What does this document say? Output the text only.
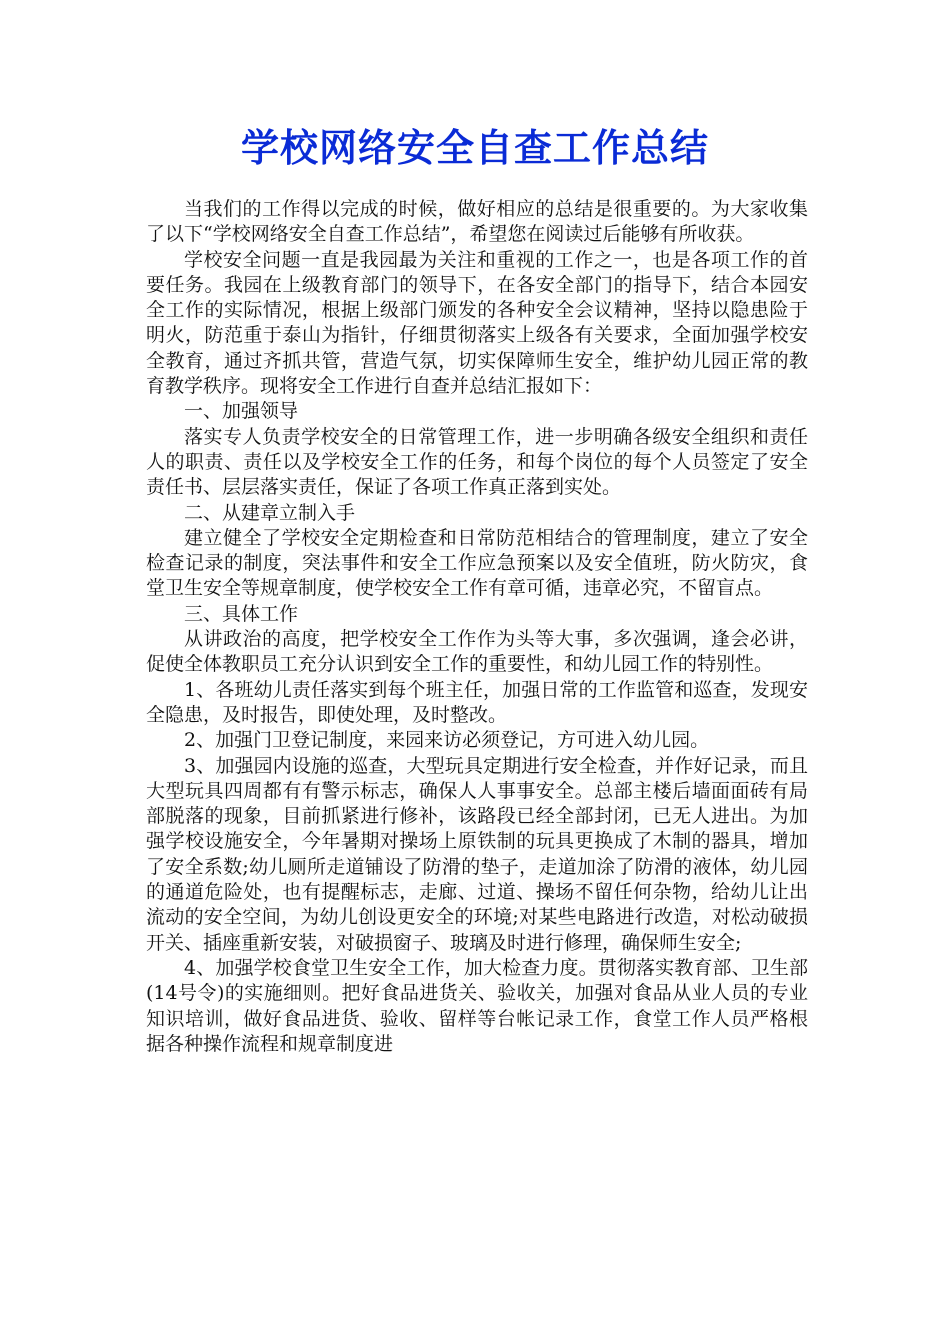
学校网络安全自查工作总结

当我们的工作得以完成的时候，做好相应的总结是很重要的。为大家收集了以下“学校网络安全自查工作总结”，希望您在阅读过后能够有所收获。

学校安全问题一直是我园最为关注和重视的工作之一，也是各项工作的首要任务。我园在上级教育部门的领导下，在各安全部门的指导下，结合本园安全工作的实际情况，根据上级部门颁发的各种安全会议精神，坚持以隐患险于明火，防范重于泰山为指针，仔细贯彻落实上级各有关要求，全面加强学校安全教育，通过齐抓共管，营造气氛，切实保障师生安全，维护幼儿园正常的教育教学秩序。现将安全工作进行自查并总结汇报如下：

一、加强领导

落实专人负责学校安全的日常管理工作，进一步明确各级安全组织和责任人的职责、责任以及学校安全工作的任务，和每个岗位的每个人员签定了安全责任书、层层落实责任，保证了各项工作真正落到实处。

二、从建章立制入手

建立健全了学校安全定期检查和日常防范相结合的管理制度，建立了安全检查记录的制度，突法事件和安全工作应急预案以及安全值班，防火防灾，食堂卫生安全等规章制度，使学校安全工作有章可循，违章必究，不留盲点。

三、具体工作

从讲政治的高度，把学校安全工作作为头等大事，多次强调，逢会必讲，促使全体教职员工充分认识到安全工作的重要性，和幼儿园工作的特别性。

1、各班幼儿责任落实到每个班主任，加强日常的工作监管和巡查，发现安全隐患，及时报告，即使处理，及时整改。

2、加强门卫登记制度，来园来访必须登记，方可进入幼儿园。

3、加强园内设施的巡查，大型玩具定期进行安全检查，并作好记录，而且大型玩具四周都有有警示标志，确保人人事事安全。总部主楼后墙面面砖有局部脱落的现象，目前抓紧进行修补，该路段已经全部封闭，已无人进出。为加强学校设施安全，今年暑期对操场上原铁制的玩具更换成了木制的器具，增加了安全系数;幼儿厕所走道铺设了防滑的垫子，走道加涂了防滑的液体，幼儿园的通道危险处，也有提醒标志，走廊、过道、操场不留任何杂物，给幼儿让出流动的安全空间，为幼儿创设更安全的环境;对某些电路进行改造，对松动破损开关、插座重新安装，对破损窗子、玻璃及时进行修理，确保师生安全;

4、加强学校食堂卫生安全工作，加大检查力度。贯彻落实教育部、卫生部(14号令)的实施细则。把好食品进货关、验收关，加强对食品从业人员的专业知识培训，做好食品进货、验收、留样等台帐记录工作，食堂工作人员严格根据各种操作流程和规章制度进
